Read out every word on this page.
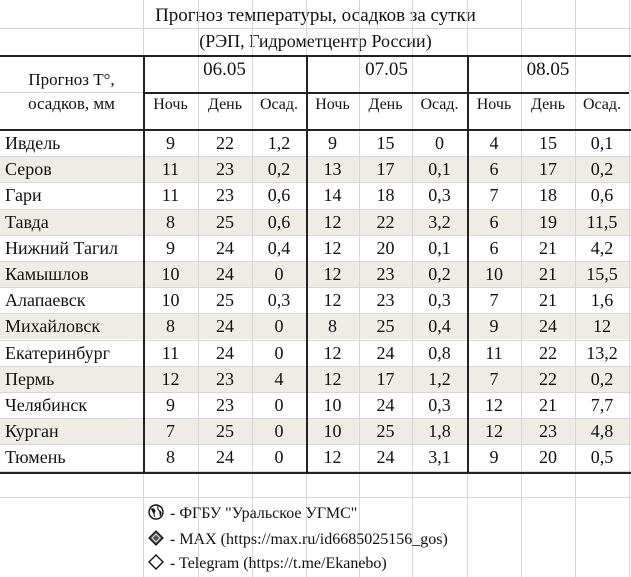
Прогноз температуры, осадков за сутки
(РЭП, Гидрометцентр России)
Прогноз T°,
осадков, мм
06.05	07.05	08.05
Ночь	День	Осад.	Ночь	День	Осад.	Ночь	День	Осад.
Ивдель	9	22	1,2	9	15	0	4	15	0,1
Серов	11	23	0,2	13	17	0,1	6	17	0,2
Гари	11	23	0,6	14	18	0,3	7	18	0,6
Тавда	8	25	0,6	12	22	3,2	6	19	11,5
Нижний Тагил	9	24	0,4	12	20	0,1	6	21	4,2
Камышлов	10	24	0	12	23	0,2	10	21	15,5
Алапаевск	10	25	0,3	12	23	0,3	7	21	1,6
Михайловск	8	24	0	8	25	0,4	9	24	12
Екатеринбург	11	24	0	12	24	0,8	11	22	13,2
Пермь	12	23	4	12	17	1,2	7	22	0,2
Челябинск	9	23	0	10	24	0,3	12	21	7,7
Курган	7	25	0	10	25	1,8	12	23	4,8
Тюмень	8	24	0	12	24	3,1	9	20	0,5
- ФГБУ "Уральское УГМС"
- MAX (https://max.ru/id6685025156_gos)
- Telegram (https://t.me/Ekanebo)
